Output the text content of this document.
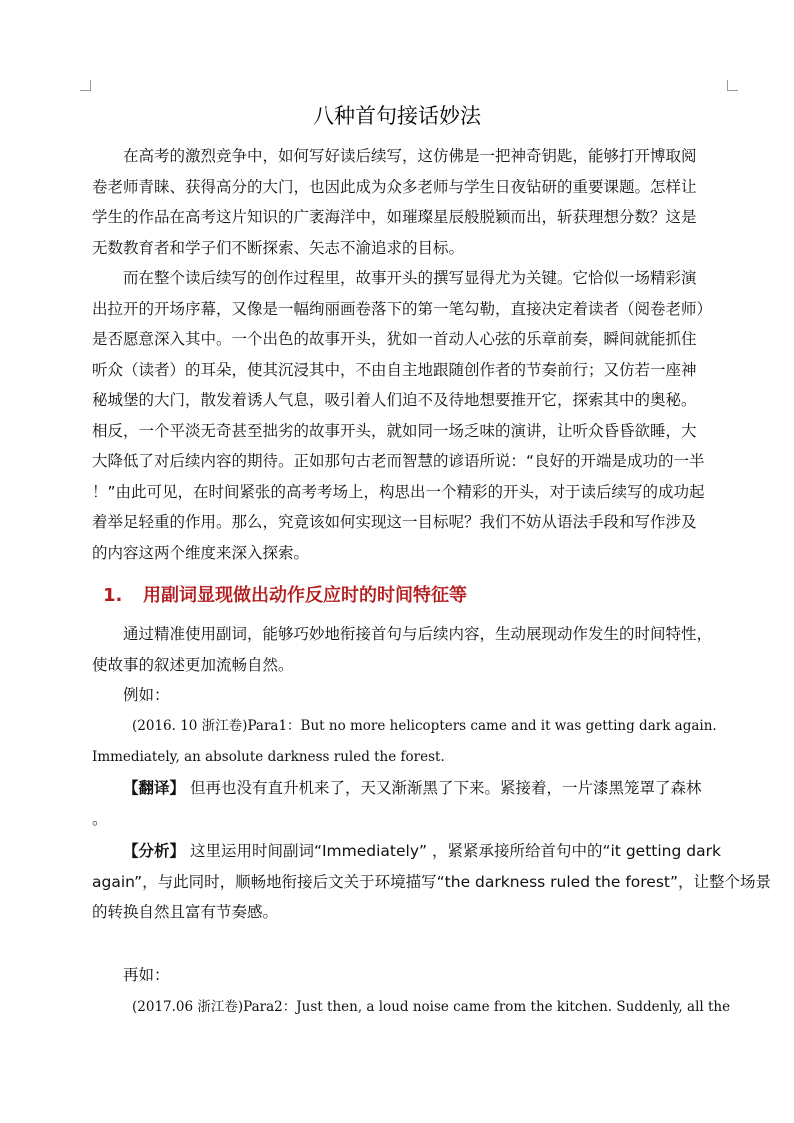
八种首句接话妙法
在高考的激烈竞争中，如何写好读后续写，这仿佛是一把神奇钥匙，能够打开博取阅
卷老师青睐、获得高分的大门，也因此成为众多老师与学生日夜钻研的重要课题。怎样让
学生的作品在高考这片知识的广袤海洋中，如璀璨星辰般脱颖而出，斩获理想分数？这是
无数教育者和学子们不断探索、矢志不渝追求的目标。
而在整个读后续写的创作过程里，故事开头的撰写显得尤为关键。它恰似一场精彩演
出拉开的开场序幕，又像是一幅绚丽画卷落下的第一笔勾勒，直接决定着读者（阅卷老师）
是否愿意深入其中。一个出色的故事开头，犹如一首动人心弦的乐章前奏，瞬间就能抓住
听众（读者）的耳朵，使其沉浸其中，不由自主地跟随创作者的节奏前行；又仿若一座神
秘城堡的大门，散发着诱人气息，吸引着人们迫不及待地想要推开它，探索其中的奥秘。
相反，一个平淡无奇甚至拙劣的故事开头，就如同一场乏味的演讲，让听众昏昏欲睡，大
大降低了对后续内容的期待。正如那句古老而智慧的谚语所说：“良好的开端是成功的一半
！”由此可见，在时间紧张的高考考场上，构思出一个精彩的开头，对于读后续写的成功起
着举足轻重的作用。那么，究竟该如何实现这一目标呢？我们不妨从语法手段和写作涉及
的内容这两个维度来深入探索。
1. 用副词显现做出动作反应时的时间特征等
通过精准使用副词，能够巧妙地衔接首句与后续内容，生动展现动作发生的时间特性，
使故事的叙述更加流畅自然。
例如：
(2016. 10 浙江卷)Para1：But no more helicopters came and it was getting dark again.
Immediately, an absolute darkness ruled the forest.
【翻译】 但再也没有直升机来了，天又渐渐黑了下来。紧接着，一片漆黑笼罩了森林
。
【分析】 这里运用时间副词“Immediately” ，紧紧承接所给首句中的“it getting dark
again”，与此同时，顺畅地衔接后文关于环境描写“the darkness ruled the forest”，让整个场景
的转换自然且富有节奏感。
再如：
(2017.06 浙江卷)Para2：Just then, a loud noise came from the kitchen. Suddenly, all the
